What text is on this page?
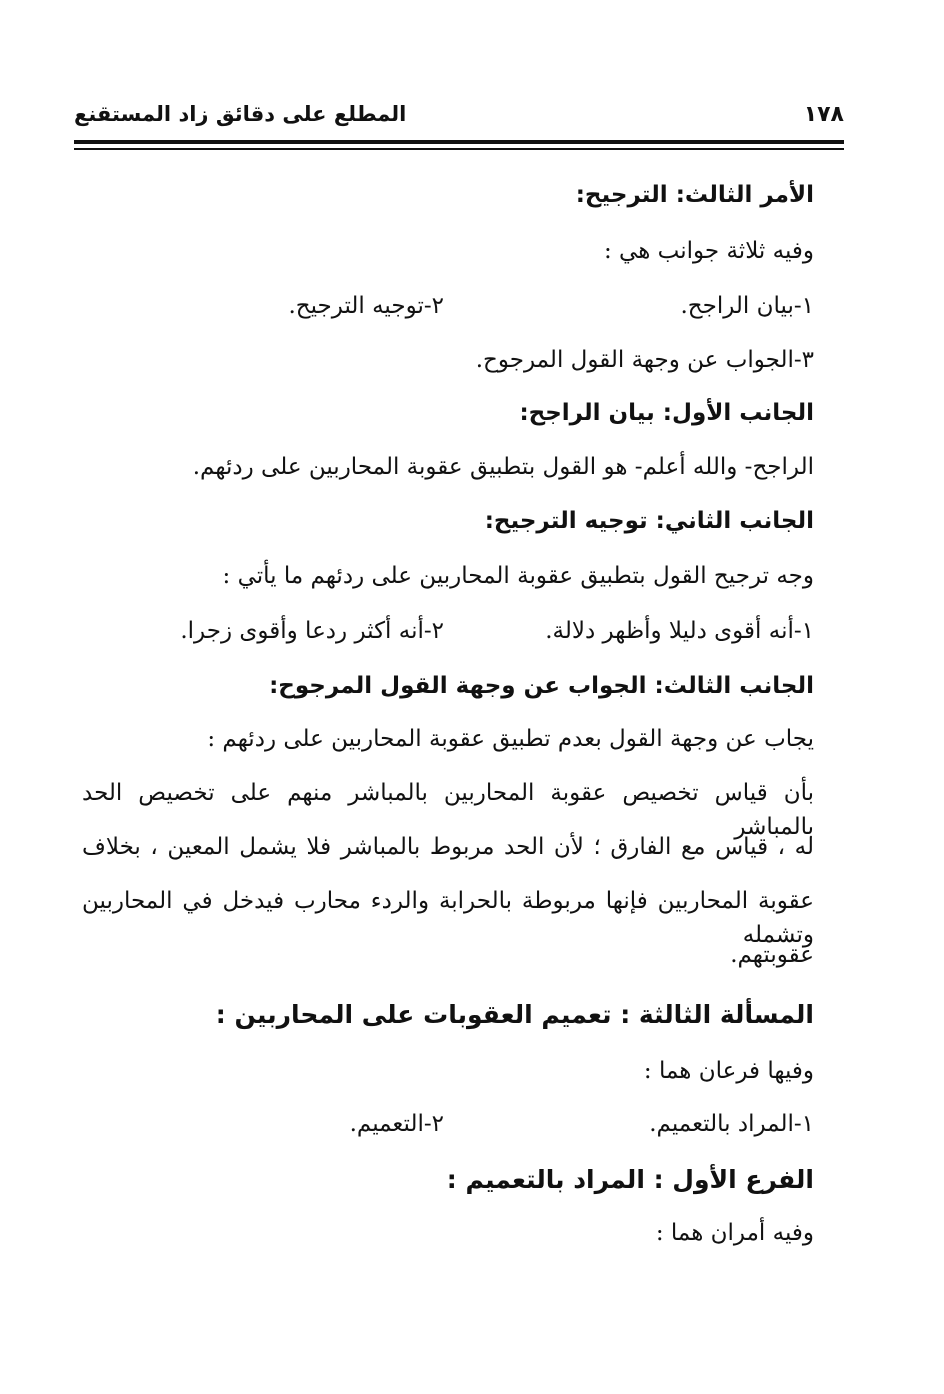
١٧٨
المطلع على دقائق زاد المستقنع
الأمر الثالث: الترجيح:
وفيه ثلاثة جوانب هي :
١-بيان الراجح.
٢-توجيه الترجيح.
٣-الجواب عن وجهة القول المرجوح.
الجانب الأول: بيان الراجح:
الراجح- والله أعلم- هو القول بتطبيق عقوبة المحاربين على ردئهم.
الجانب الثاني: توجيه الترجيح:
وجه ترجيح القول بتطبيق عقوبة المحاربين على ردئهم ما يأتي :
١-أنه أقوى دليلا وأظهر دلالة.
٢-أنه أكثر ردعا وأقوى زجرا.
الجانب الثالث: الجواب عن وجهة القول المرجوح:
يجاب عن وجهة القول بعدم تطبيق عقوبة المحاربين على ردئهم :
بأن قياس تخصيص عقوبة المحاربين بالمباشر منهم على تخصيص الحد بالمباشر
له ، قياس مع الفارق ؛ لأن الحد مربوط بالمباشر فلا يشمل المعين ، بخلاف
عقوبة المحاربين فإنها مربوطة بالحرابة والردء محارب فيدخل في المحاربين وتشمله
عقوبتهم.
المسألة الثالثة : تعميم العقوبات على المحاربين :
وفيها فرعان هما :
١-المراد بالتعميم.
٢-التعميم.
الفرع الأول : المراد بالتعميم :
وفيه أمران هما :
